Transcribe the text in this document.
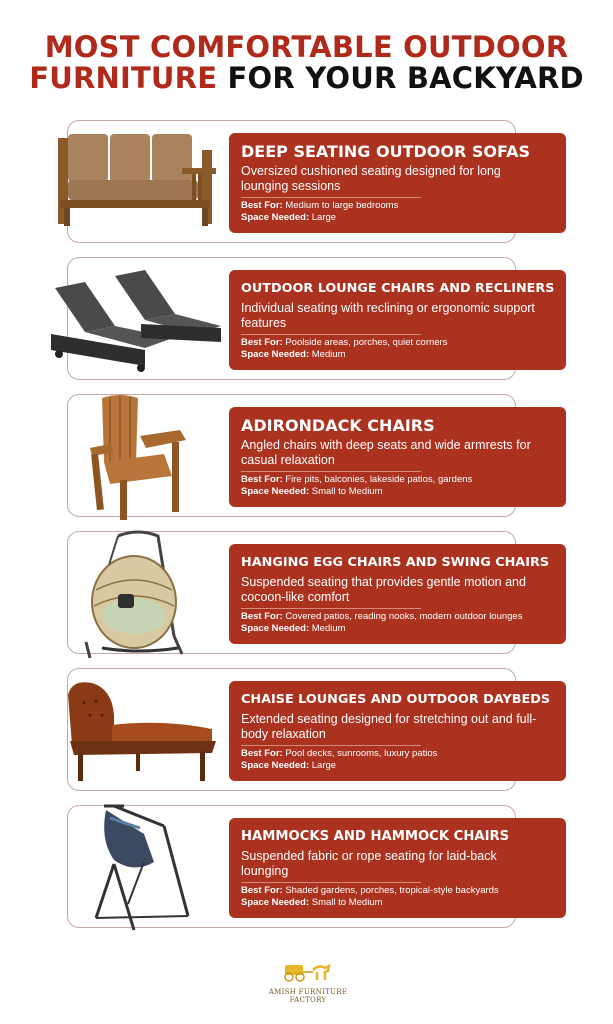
MOST COMFORTABLE OUTDOOR
FURNITURE FOR YOUR BACKYARD
DEEP SEATING OUTDOOR SOFAS
Oversized cushioned seating designed for long lounging sessions
Best For: Medium to large bedrooms
Space Needed: Large
OUTDOOR LOUNGE CHAIRS AND RECLINERS
Individual seating with reclining or ergonomic support features
Best For: Poolside areas, porches, quiet corners
Space Needed: Medium
ADIRONDACK CHAIRS
Angled chairs with deep seats and wide armrests for casual relaxation
Best For: Fire pits, balconies, lakeside patios, gardens
Space Needed: Small to Medium
HANGING EGG CHAIRS AND SWING CHAIRS
Suspended seating that provides gentle motion and cocoon-like comfort
Best For: Covered patios, reading nooks, modern outdoor lounges
Space Needed: Medium
CHAISE LOUNGES AND OUTDOOR DAYBEDS
Extended seating designed for stretching out and full-body relaxation
Best For: Pool decks, sunrooms, luxury patios
Space Needed: Large
HAMMOCKS AND HAMMOCK CHAIRS
Suspended fabric or rope seating for laid-back lounging
Best For: Shaded gardens, porches, tropical-style backyards
Space Needed: Small to Medium
AMISH FURNITURE FACTORY
